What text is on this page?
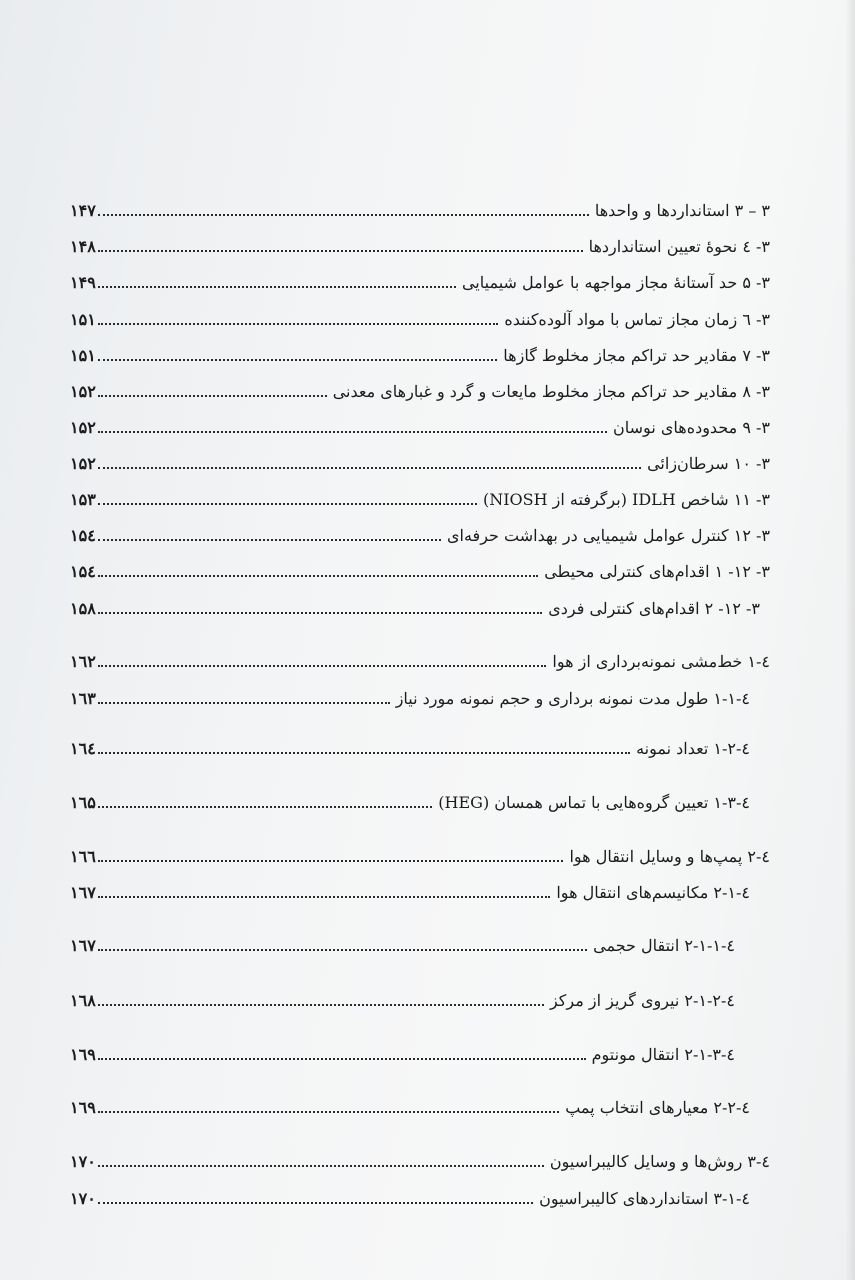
۳ – ۳ استانداردها و واحدها
۱۴۷
۳- ٤ نحوهٔ تعیین استانداردها
۱۴۸
۳- ۵ حد آستانهٔ مجاز مواجهه با عوامل شیمیایی
۱۴۹
۳- ٦ زمان مجاز تماس با مواد آلوده‌کننده
۱۵۱
۳- ۷ مقادیر حد تراکم مجاز مخلوط گازها
۱۵۱
۳- ۸ مقادیر حد تراکم مجاز مخلوط مایعات و گرد و غبارهای معدنی
۱۵۲
۳- ۹ محدوده‌های نوسان
۱۵۲
۳- ۱۰ سرطان‌زائی
۱۵۲
۳- ۱۱ شاخص IDLH (برگرفته از NIOSH)
۱۵۳
۳- ۱۲ کنترل عوامل شیمیایی در بهداشت حرفه‌ای
۱۵٤
۳- ۱۲- ۱ اقدام‌های کنترلی محیطی
۱۵٤
۳- ۱۲- ۲ اقدام‌های کنترلی فردی
۱۵۸
٤-۱ خط‌مشی نمونه‌برداری از هوا
۱٦۲
٤-۱-۱ طول مدت نمونه برداری و حجم نمونه مورد نیاز
۱٦۳
٤-۱-۲ تعداد نمونه
۱٦٤
٤-۱-۳ تعیین گروه‌هایی با تماس همسان (HEG)
۱٦۵
٤-۲ پمپ‌ها و وسایل انتقال هوا
۱٦٦
٤-۲-۱ مکانیسم‌های انتقال هوا
۱٦۷
٤-۲-۱-۱ انتقال حجمی
۱٦۷
٤-۲-۱-۲ نیروی گریز از مرکز
۱٦۸
٤-۲-۱-۳ انتقال مونتوم
۱٦۹
٤-۲-۲ معیارهای انتخاب پمپ
۱٦۹
٤-۳ روش‌ها و وسایل کالیبراسیون
۱۷۰
٤-۳-۱ استانداردهای کالیبراسیون
۱۷۰
